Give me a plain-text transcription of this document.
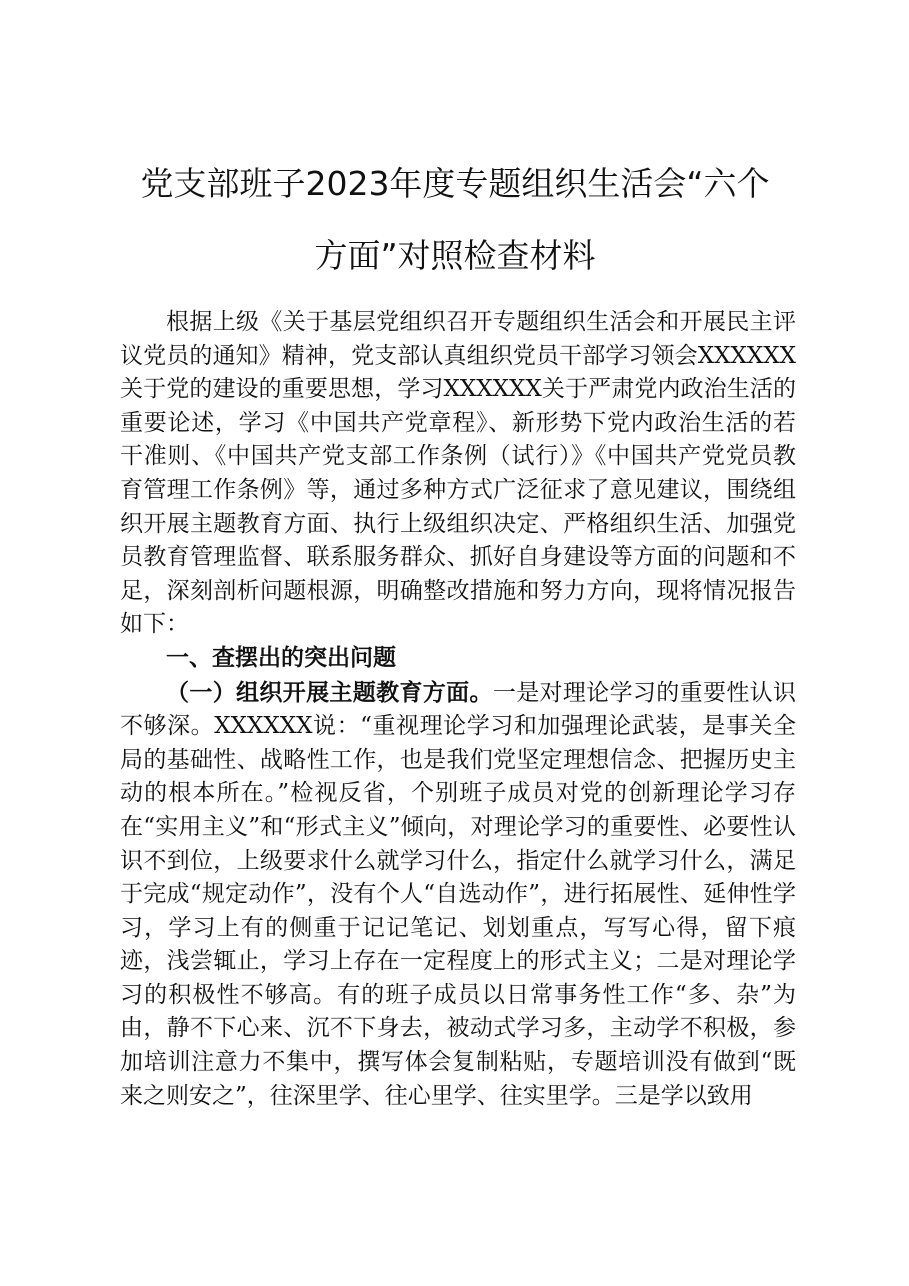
党支部班子2023年度专题组织生活会“六个
方面”对照检查材料

根据上级《关于基层党组织召开专题组织生活会和开展民主评议党员的通知》精神，党支部认真组织党员干部学习领会XXXXXX关于党的建设的重要思想，学习XXXXXX关于严肃党内政治生活的重要论述，学习《中国共产党章程》、新形势下党内政治生活的若干准则、《中国共产党支部工作条例（试行）》《中国共产党党员教育管理工作条例》等，通过多种方式广泛征求了意见建议，围绕组织开展主题教育方面、执行上级组织决定、严格组织生活、加强党员教育管理监督、联系服务群众、抓好自身建设等方面的问题和不足，深刻剖析问题根源，明确整改措施和努力方向，现将情况报告如下：

一、查摆出的突出问题

（一）组织开展主题教育方面。一是对理论学习的重要性认识不够深。XXXXXX说：“重视理论学习和加强理论武装，是事关全局的基础性、战略性工作，也是我们党坚定理想信念、把握历史主动的根本所在。”检视反省，个别班子成员对党的创新理论学习存在“实用主义”和“形式主义”倾向，对理论学习的重要性、必要性认识不到位，上级要求什么就学习什么，指定什么就学习什么，满足于完成“规定动作”，没有个人“自选动作”，进行拓展性、延伸性学习，学习上有的侧重于记记笔记、划划重点，写写心得，留下痕迹，浅尝辄止，学习上存在一定程度上的形式主义；二是对理论学习的积极性不够高。有的班子成员以日常事务性工作“多、杂”为由，静不下心来、沉不下身去，被动式学习多，主动学不积极，参加培训注意力不集中，撰写体会复制粘贴，专题培训没有做到“既来之则安之”，往深里学、往心里学、往实里学。三是学以致用
